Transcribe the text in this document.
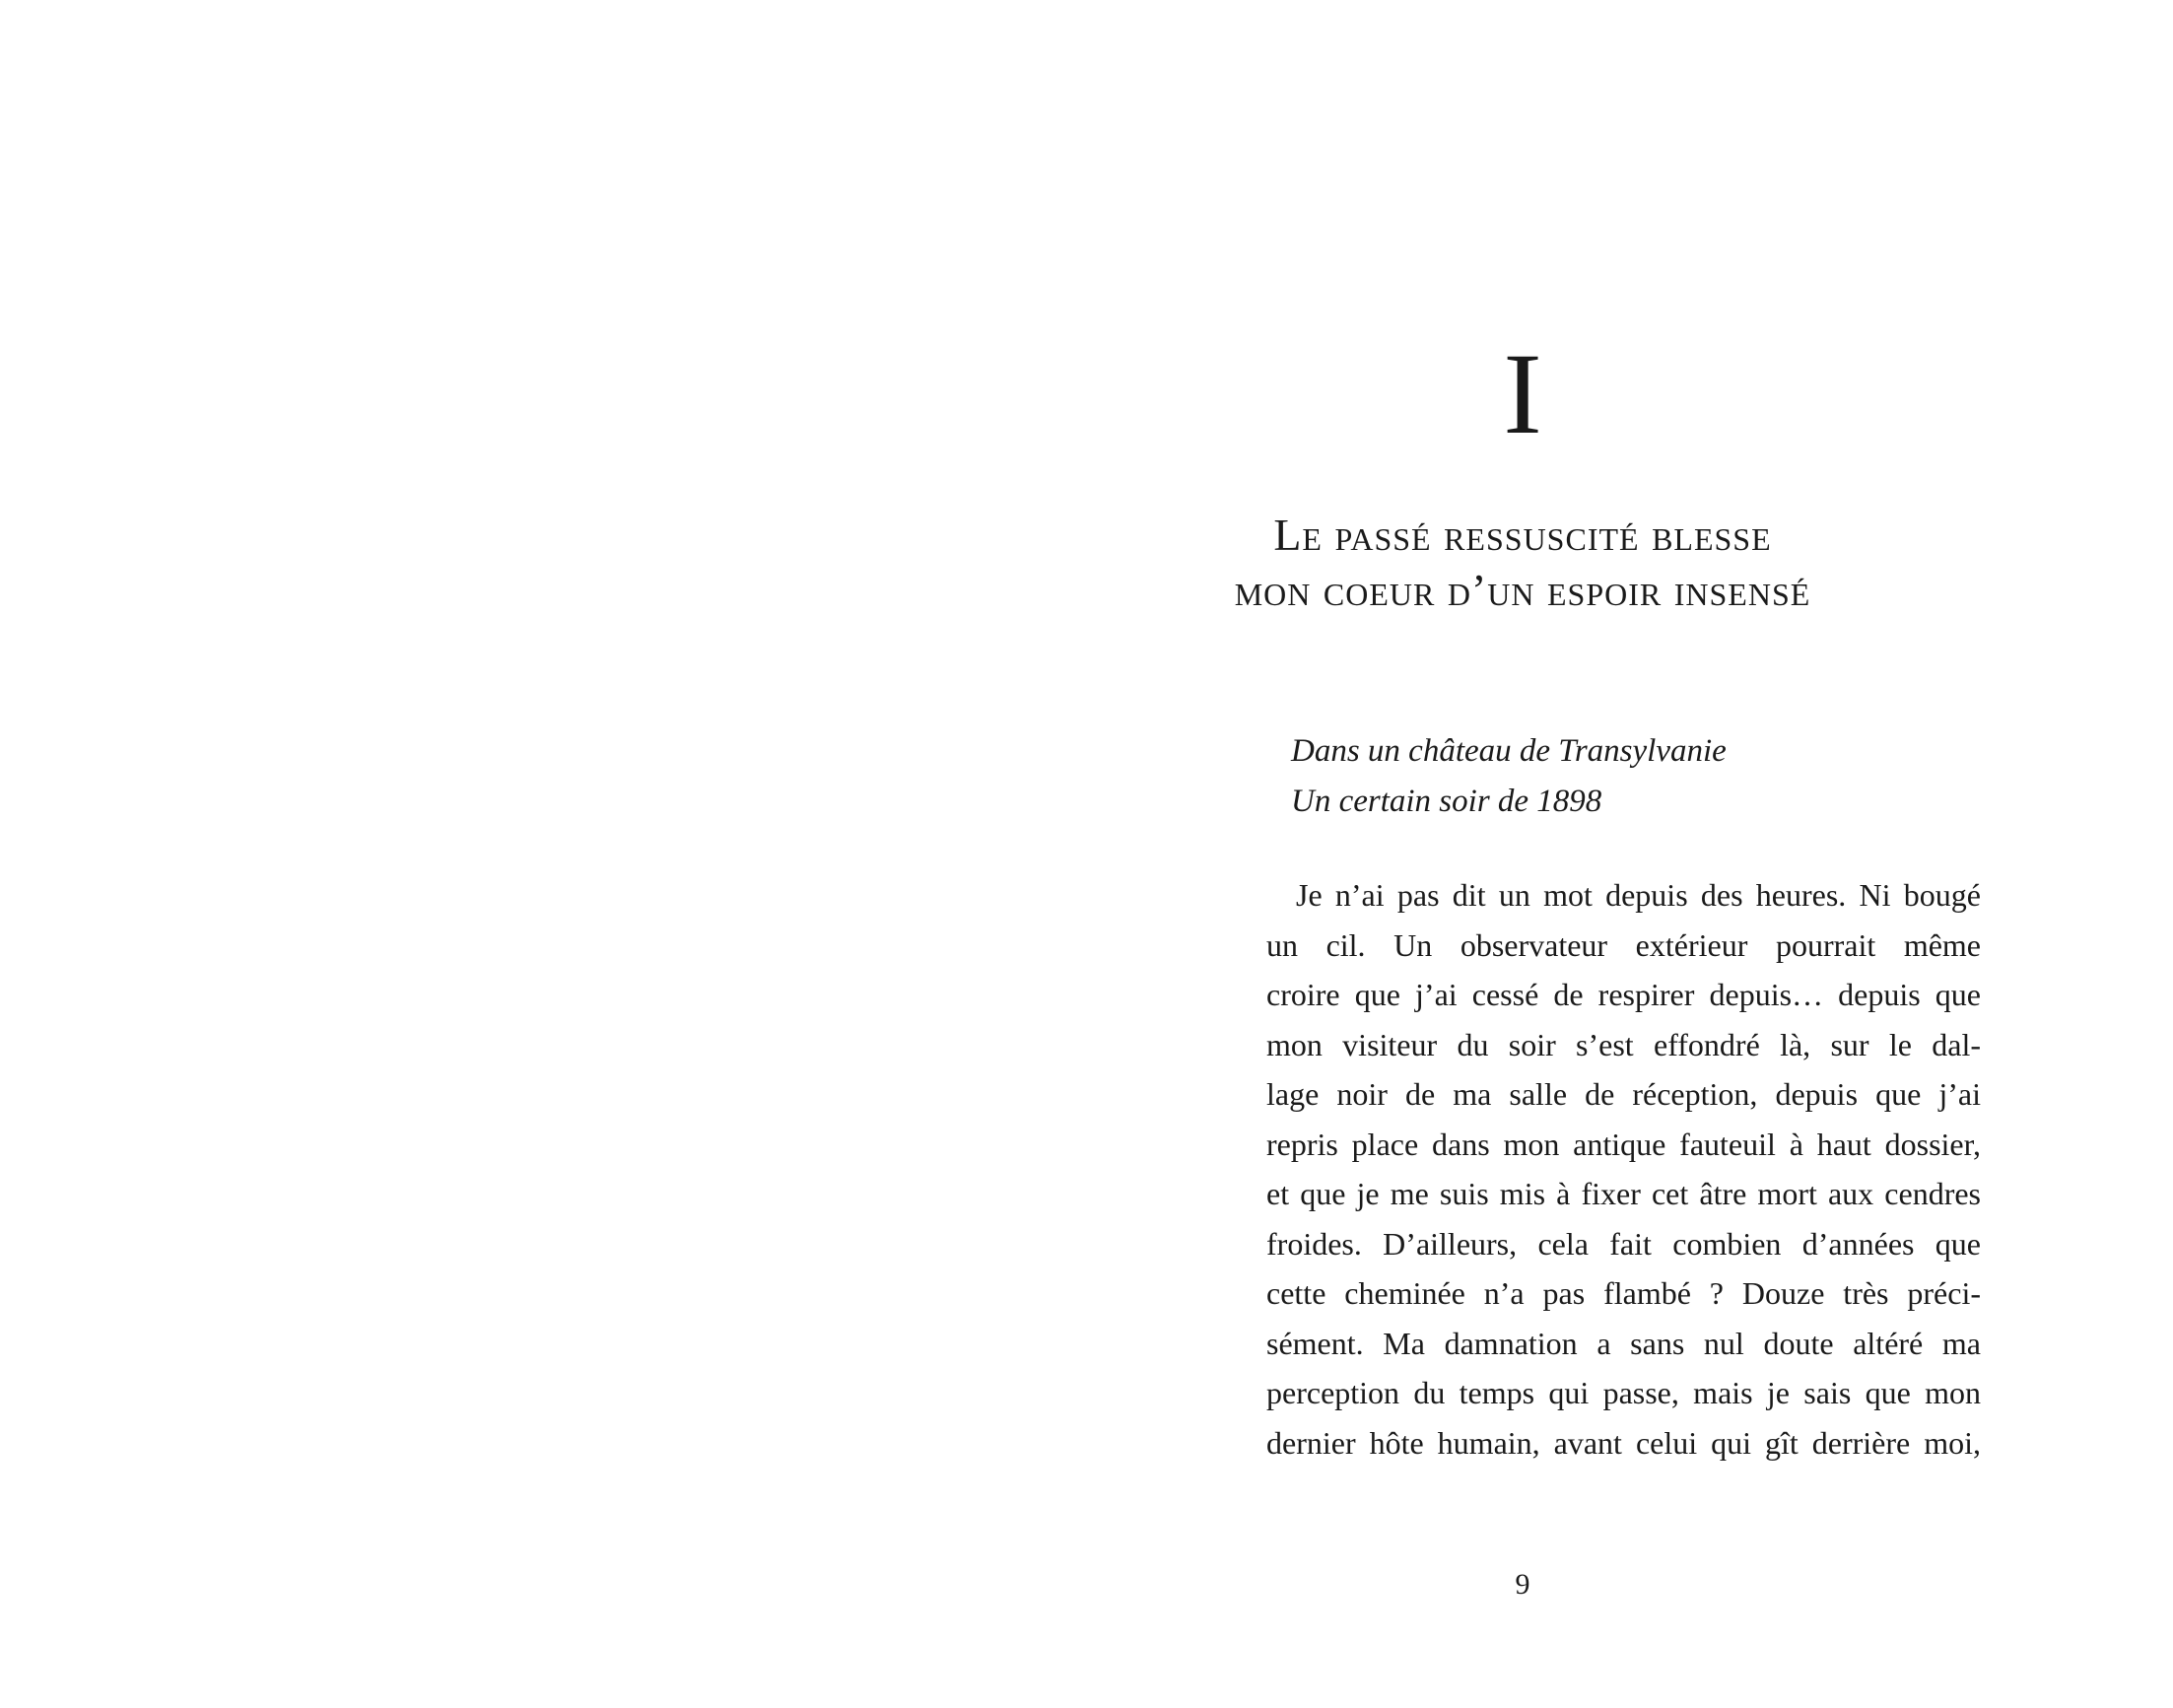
I
Le passé ressuscité blesse
mon coeur d’un espoir insensé
Dans un château de Transylvanie
Un certain soir de 1898
Je n’ai pas dit un mot depuis des heures. Ni bougé
un cil. Un observateur extérieur pourrait même
croire que j’ai cessé de respirer depuis… depuis que
mon visiteur du soir s’est effondré là, sur le dal-
lage noir de ma salle de réception, depuis que j’ai
repris place dans mon antique fauteuil à haut dossier,
et que je me suis mis à fixer cet âtre mort aux cendres
froides. D’ailleurs, cela fait combien d’années que
cette cheminée n’a pas flambé ? Douze très préci-
sément. Ma damnation a sans nul doute altéré ma
perception du temps qui passe, mais je sais que mon
dernier hôte humain, avant celui qui gît derrière moi,
9
